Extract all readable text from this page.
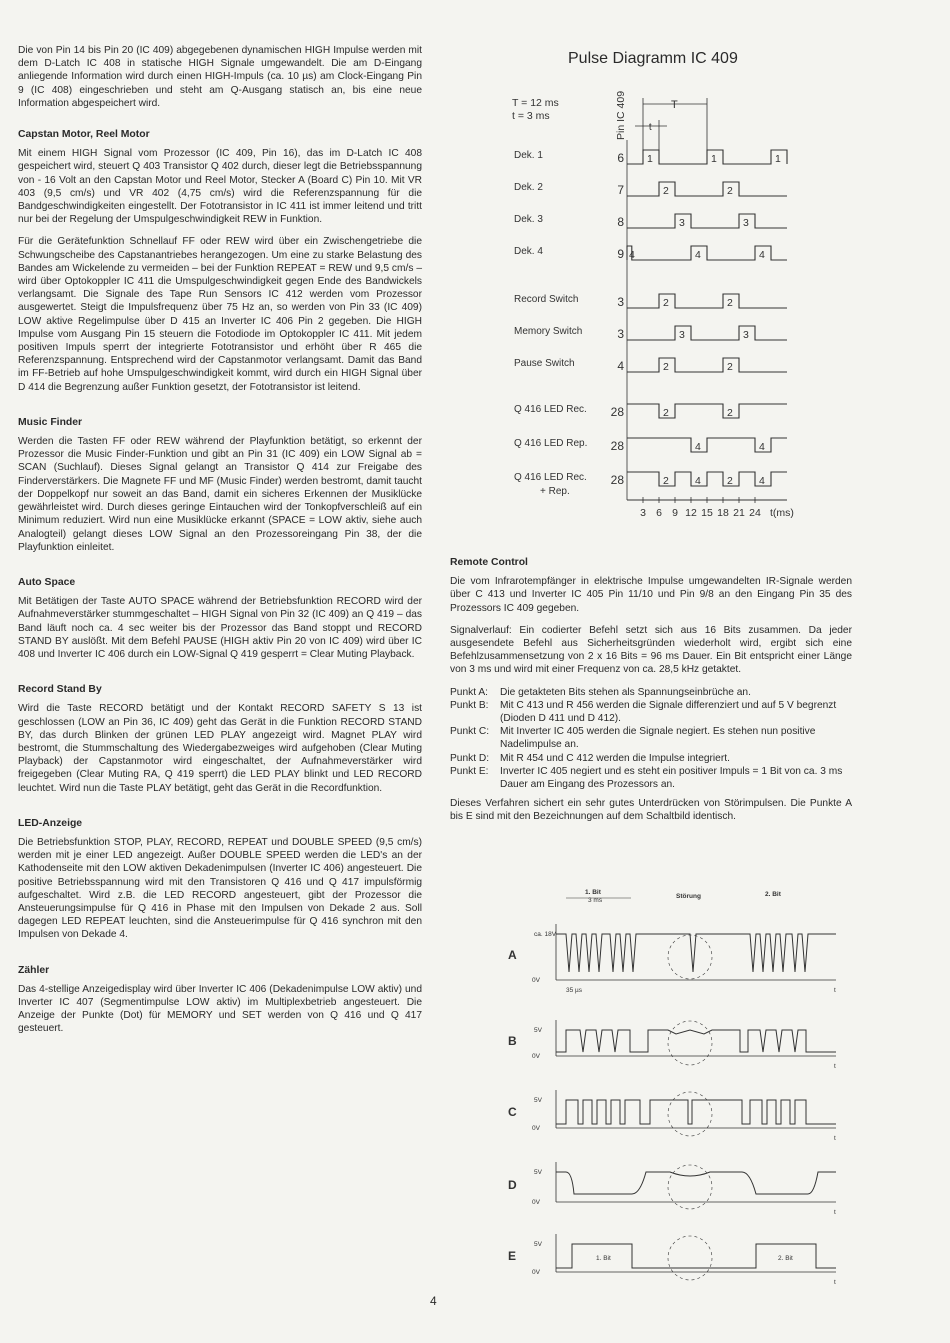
Die von Pin 14 bis Pin 20 (IC 409) abgegebenen dynamischen HIGH Impulse werden mit dem D-Latch IC 408 in statische HIGH Signale umgewandelt. Die am D-Eingang anliegende Information wird durch einen HIGH-Impuls (ca. 10 µs) am Clock-Eingang Pin 9 (IC 408) eingeschrieben und steht am Q-Ausgang statisch an, bis eine neue Information abgespeichert wird.

Capstan Motor, Reel Motor

Mit einem HIGH Signal vom Prozessor (IC 409, Pin 16), das im D-Latch IC 408 gespeichert wird, steuert Q 403 Transistor Q 402 durch, dieser legt die Betriebsspannung von - 16 Volt an den Capstan Motor und Reel Motor, Stecker A (Board C) Pin 10. Mit VR 403 (9,5 cm/s) und VR 402 (4,75 cm/s) wird die Referenzspannung für die Bandgeschwindigkeiten eingestellt. Der Fototransistor in IC 411 ist immer leitend und tritt nur bei der Regelung der Umspulgeschwindigkeit REW in Funktion.

Für die Gerätefunktion Schnellauf FF oder REW wird über ein Zwischengetriebe die Schwungscheibe des Capstanantriebes herangezogen. Um eine zu starke Belastung des Bandes am Wickelende zu vermeiden – bei der Funktion REPEAT = REW und 9,5 cm/s – wird über Optokoppler IC 411 die Umspulgeschwindigkeit gegen Ende des Bandwickels verlangsamt. Die Signale des Tape Run Sensors IC 412 werden vom Prozessor ausgewertet. Steigt die Impulsfrequenz über 75 Hz an, so werden von Pin 33 (IC 409) LOW aktive Regelimpulse über D 415 an Inverter IC 406 Pin 2 gegeben. Die HIGH Impulse vom Ausgang Pin 15 steuern die Fotodiode im Optokoppler IC 411. Mit jedem positiven Impuls sperrt der integrierte Fototransistor und erhöht über R 465 die Referenzspannung. Entsprechend wird der Capstanmotor verlangsamt. Damit das Band im FF-Betrieb auf hohe Umspulgeschwindigkeit kommt, wird durch ein HIGH Signal über D 414 die Begrenzung außer Funktion gesetzt, der Fototransistor ist leitend.

Music Finder

Werden die Tasten FF oder REW während der Playfunktion betätigt, so erkennt der Prozessor die Music Finder-Funktion und gibt an Pin 31 (IC 409) ein LOW Signal ab = SCAN (Suchlauf). Dieses Signal gelangt an Transistor Q 414 zur Freigabe des Finderverstärkers. Die Magnete FF und MF (Music Finder) werden bestromt, damit taucht der Doppelkopf nur soweit an das Band, damit ein sicheres Erkennen der Musiklücke gewährleistet wird. Durch dieses geringe Eintauchen wird der Tonkopfverschleiß auf ein Minimum reduziert. Wird nun eine Musiklücke erkannt (SPACE = LOW aktiv, siehe auch Analogteil) gelangt dieses LOW Signal an den Prozessoreingang Pin 38, der die Playfunktion einleitet.

Auto Space

Mit Betätigen der Taste AUTO SPACE während der Betriebsfunktion RECORD wird der Aufnahmeverstärker stummgeschaltet – HIGH Signal von Pin 32 (IC 409) an Q 419 – das Band läuft noch ca. 4 sec weiter bis der Prozessor das Band stoppt und RECORD STAND BY auslößt. Mit dem Befehl PAUSE (HIGH aktiv Pin 20 von IC 409) wird über IC 408 und Inverter IC 406 durch ein LOW-Signal Q 419 gesperrt = Clear Muting Playback.

Record Stand By

Wird die Taste RECORD betätigt und der Kontakt RECORD SAFETY S 13 ist geschlossen (LOW an Pin 36, IC 409) geht das Gerät in die Funktion RECORD STAND BY, das durch Blinken der grünen LED PLAY angezeigt wird. Magnet PLAY wird bestromt, die Stummschaltung des Wiedergabezweiges wird aufgehoben (Clear Muting Playback) der Capstanmotor wird eingeschaltet, der Aufnahmeverstärker wird freigegeben (Clear Muting RA, Q 419 sperrt) die LED PLAY blinkt und LED RECORD leuchtet. Wird nun die Taste PLAY betätigt, geht das Gerät in die Recordfunktion.

LED-Anzeige

Die Betriebsfunktion STOP, PLAY, RECORD, REPEAT und DOUBLE SPEED (9,5 cm/s) werden mit je einer LED angezeigt. Außer DOUBLE SPEED werden die LED's an der Kathodenseite mit den LOW aktiven Dekadenimpulsen (Inverter IC 406) angesteuert. Die positive Betriebsspannung wird mit den Transistoren Q 416 und Q 417 impulsförmig aufgeschaltet. Wird z.B. die LED RECORD angesteuert, gibt der Prozessor die Ansteuerungsimpulse für Q 416 in Phase mit den Impulsen von Dekade 2 aus. Soll dagegen LED REPEAT leuchten, sind die Ansteuerimpulse für Q 416 synchron mit den Impulsen von Dekade 4.

Zähler

Das 4-stellige Anzeigedisplay wird über Inverter IC 406 (Dekadenimpulse LOW aktiv) und Inverter IC 407 (Segmentimpulse LOW aktiv) im Multiplexbetrieb angesteuert. Die Anzeige der Punkte (Dot) für MEMORY und SET werden von Q 416 und Q 417 gesteuert.

Pulse Diagramm IC 409
T = 12 ms
t = 3 ms	Pin IC 409	T
t
Dek. 1	6 1	1	1
Dek. 2	7	2	2
Dek. 3	8	3	3
Dek. 4	9 4	4	4
Record Switch	3	2	2
Memory Switch	3	3	3
Pause Switch	4	2	2
Q 416 LED Rec. 28	2	2
Q 416 LED Rep. 28	4	4
Q 416 LED Rec.
+ Rep.
28	2 4 2 4
3 6 9 12 15 18 21 24 t(ms)
Remote Control

Die vom Infrarotempfänger in elektrische Impulse umgewandelten IR-Signale werden über C 413 und Inverter IC 405 Pin 11/10 und Pin 9/8 an den Eingang Pin 35 des Prozessors IC 409 gegeben.

Signalverlauf: Ein codierter Befehl setzt sich aus 16 Bits zusammen. Da jeder ausgesendete Befehl aus Sicherheitsgründen wiederholt wird, ergibt sich eine Befehlzusammensetzung von 2 x 16 Bits = 96 ms Dauer. Ein Bit entspricht einer Länge von 3 ms und wird mit einer Frequenz von ca. 28,5 kHz getaktet.

Punkt A:	Die getakteten Bits stehen als Spannungseinbrüche an.
Punkt B:	Mit C 413 und R 456 werden die Signale differenziert und auf 5 V begrenzt (Dioden D 411 und D 412).
Punkt C:	Mit Inverter IC 405 werden die Signale negiert. Es stehen nun positive Nadelimpulse an.
Punkt D:	Mit R 454 und C 412 werden die Impulse integriert.
Punkt E:	Inverter IC 405 negiert und es steht ein positiver Impuls = 1 Bit von ca. 3 ms Dauer am Eingang des Prozessors an.

Dieses Verfahren sichert ein sehr gutes Unterdrücken von Störimpulsen. Die Punkte A bis E sind mit den Bezeichnungen auf dem Schaltbild identisch.

1. Bit
3 ms
Störung	2. Bit
A
0V
ca. 18V
t
35 µs
B
0V
5V
t
C
0V
5V
t
D
0V
5V
t
E
0V
5V
t
1. Bit	2. Bit
4
